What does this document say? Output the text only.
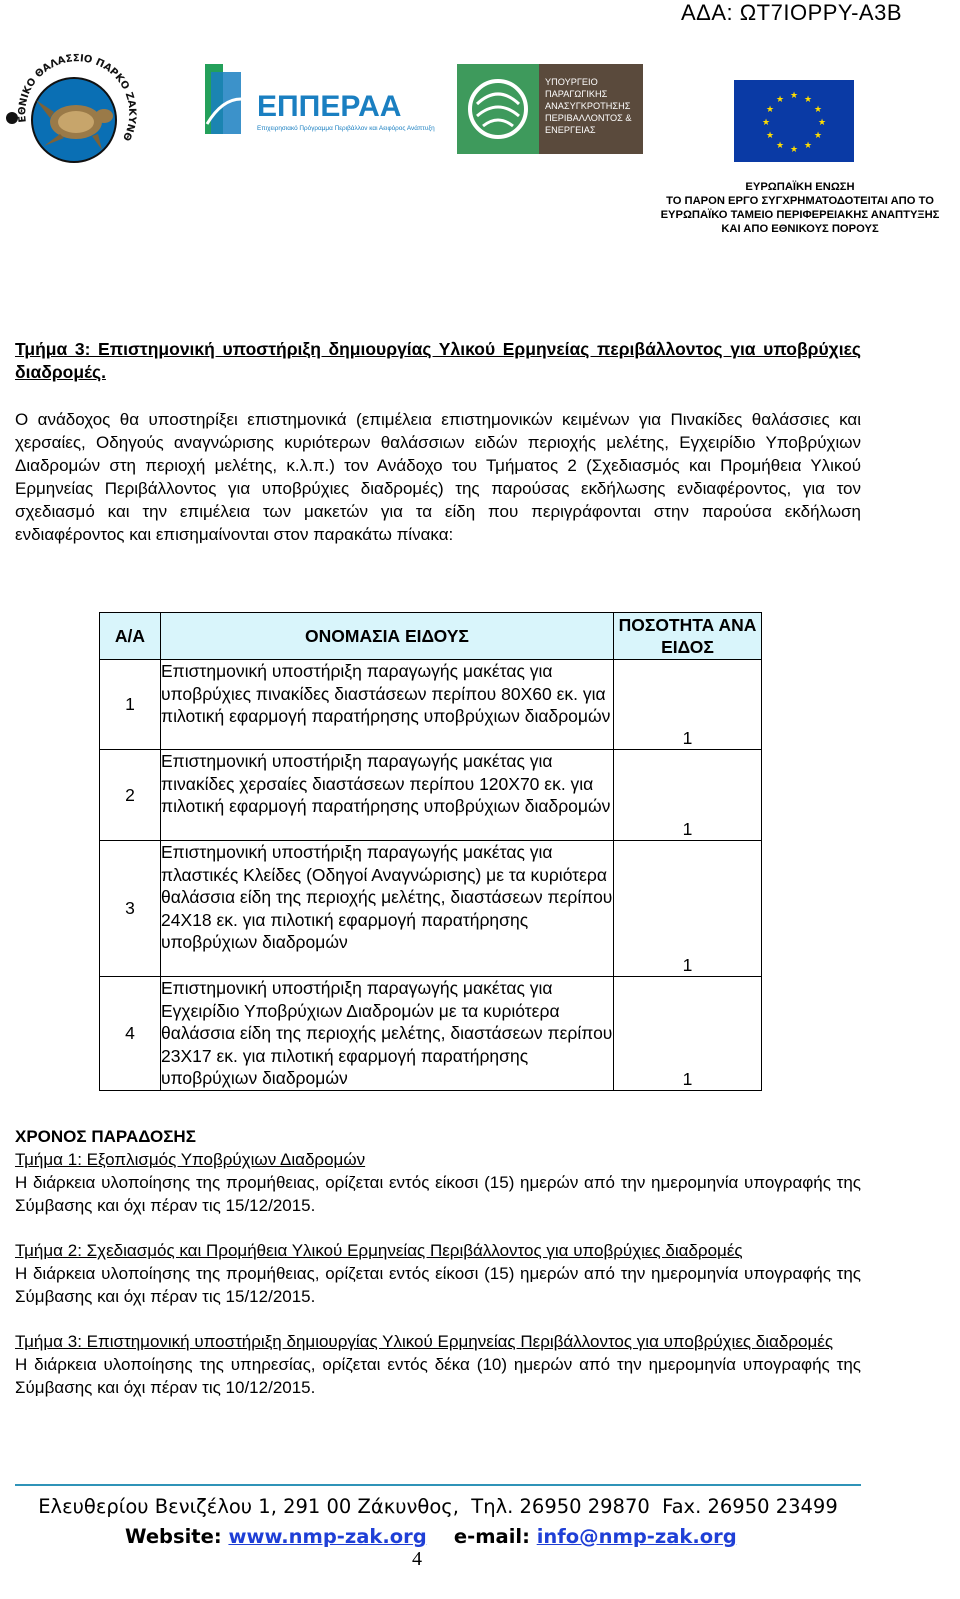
ΑΔΑ: ΩΤ7ΙΟΡΡΥ-Α3Β
ΕΘΝΙΚΟ ΘΑΛΑΣΣΙΟ ΠΑΡΚΟ ΖΑΚΥΝΘ
ΕΠΠΕΡΑΑ
Επιχειρησιακό Πρόγραμμα Περιβάλλον και Αειφόρος Ανάπτυξη
ΥΠΟΥΡΓΕΙΟ ΠΑΡΑΓΩΓΙΚΗΣ ΑΝΑΣΥΓΚΡΟΤΗΣΗΣ ΠΕΡΙΒΑΛΛΟΝΤΟΣ & ΕΝΕΡΓΕΙΑΣ
★ ★
★
★
★
★
★
★
★
★
★
★
ΕΥΡΩΠΑΪΚΗ ΕΝΩΣΗ
ΤΟ ΠΑΡΟΝ ΕΡΓΟ ΣΥΓΧΡΗΜΑΤΟΔΟΤΕΙΤΑΙ ΑΠΟ ΤΟ
ΕΥΡΩΠΑΪΚΟ ΤΑΜΕΙΟ ΠΕΡΙΦΕΡΕΙΑΚΗΣ ΑΝΑΠΤΥΞΗΣ
ΚΑΙ ΑΠΟ ΕΘΝΙΚΟΥΣ ΠΟΡΟΥΣ
Τμήμα 3: Επιστημονική υποστήριξη δημιουργίας Υλικού Ερμηνείας περιβάλλοντος για υποβρύχιες διαδρομές.
Ο ανάδοχος θα υποστηρίξει επιστημονικά (επιμέλεια επιστημονικών κειμένων για Πινακίδες θαλάσσιες και χερσαίες, Οδηγούς αναγνώρισης κυριότερων θαλάσσιων ειδών περιοχής μελέτης, Εγχειρίδιο Υποβρύχιων Διαδρομών στη περιοχή μελέτης, κ.λ.π.) τον Ανάδοχο του Τμήματος 2 (Σχεδιασμός και Προμήθεια Υλικού Ερμηνείας Περιβάλλοντος για υποβρύχιες διαδρομές) της παρούσας εκδήλωσης ενδιαφέροντος, για τον σχεδιασμό και την επιμέλεια των μακετών για τα είδη που περιγράφονται στην παρούσα εκδήλωση ενδιαφέροντος και επισημαίνονται στον παρακάτω πίνακα:
Α/Α	ΟΝΟΜΑΣΙΑ ΕΙΔΟΥΣ	ΠΟΣΟΤΗΤΑ ΑΝΑ ΕΙΔΟΣ
1	Επιστημονική υποστήριξη παραγωγής μακέτας για υποβρύχιες πινακίδες διαστάσεων περίπου 80Χ60 εκ. για πιλοτική εφαρμογή παρατήρησης υποβρύχιων διαδρομών	1
2	Επιστημονική υποστήριξη παραγωγής μακέτας για πινακίδες χερσαίες διαστάσεων περίπου 120Χ70 εκ. για πιλοτική εφαρμογή παρατήρησης υποβρύχιων διαδρομών	1
3	Επιστημονική υποστήριξη παραγωγής μακέτας για πλαστικές Κλείδες (Οδηγοί Αναγνώρισης) με τα κυριότερα θαλάσσια είδη της περιοχής μελέτης, διαστάσεων περίπου 24Χ18 εκ. για πιλοτική εφαρμογή παρατήρησης υποβρύχιων διαδρομών	1
4	Επιστημονική υποστήριξη παραγωγής μακέτας για Εγχειρίδιο Υποβρύχιων Διαδρομών με τα κυριότερα θαλάσσια είδη της περιοχής μελέτης, διαστάσεων περίπου 23Χ17 εκ. για πιλοτική εφαρμογή παρατήρησης υποβρύχιων διαδρομών	1
ΧΡΟΝΟΣ ΠΑΡΑΔΟΣΗΣ
Τμήμα 1: Εξοπλισμός Υποβρύχιων Διαδρομών
Η διάρκεια υλοποίησης της προμήθειας, ορίζεται εντός είκοσι (15) ημερών από την ημερομηνία υπογραφής της Σύμβασης και όχι πέραν τις 15/12/2015.
Τμήμα 2: Σχεδιασμός και Προμήθεια Υλικού Ερμηνείας Περιβάλλοντος για υποβρύχιες διαδρομές
Η διάρκεια υλοποίησης της προμήθειας, ορίζεται εντός είκοσι (15) ημερών από την ημερομηνία υπογραφής της Σύμβασης και όχι πέραν τις 15/12/2015.
Τμήμα 3: Επιστημονική υποστήριξη δημιουργίας Υλικού Ερμηνείας Περιβάλλοντος για υποβρύχιες διαδρομές
Η διάρκεια υλοποίησης της υπηρεσίας, ορίζεται εντός δέκα (10) ημερών από την ημερομηνία υπογραφής της Σύμβασης και όχι πέραν τις 10/12/2015.
Ελευθερίου Βενιζέλου 1, 291 00 Ζάκυνθος,  Τηλ. 26950 29870  Fax. 26950 23499
Website: www.nmp-zak.org e-mail: info@nmp-zak.org
4
